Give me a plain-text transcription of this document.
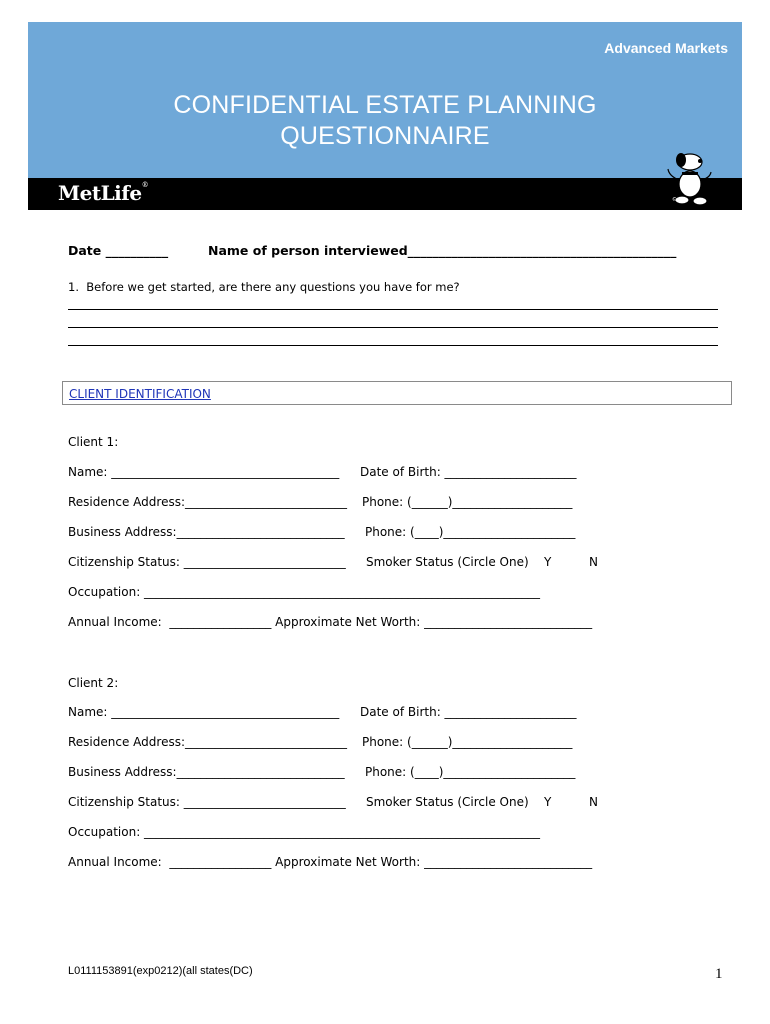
Advanced Markets
CONFIDENTIAL ESTATE PLANNING
QUESTIONNAIRE
MetLife®
© LPs
Date __________	Name of person interviewed___________________________________________
1.  Before we get started, are there any questions you have for me?
CLIENT IDENTIFICATION
Client 1:
Name: ______________________________________ Date of Birth: ______________________
Residence Address:___________________________ Phone: (______)____________________
Business Address:____________________________ Phone: (____)______________________
Citizenship Status: ___________________________ Smoker Status (Circle One) Y	N
Occupation: __________________________________________________________________
Annual Income:  _________________ Approximate Net Worth: ____________________________
Client 2:
Name: ______________________________________ Date of Birth: ______________________
Residence Address:___________________________ Phone: (______)____________________
Business Address:____________________________ Phone: (____)______________________
Citizenship Status: ___________________________ Smoker Status (Circle One) Y	N
Occupation: __________________________________________________________________
Annual Income:  _________________ Approximate Net Worth: ____________________________
L0111153891(exp0212)(all states(DC)	1
